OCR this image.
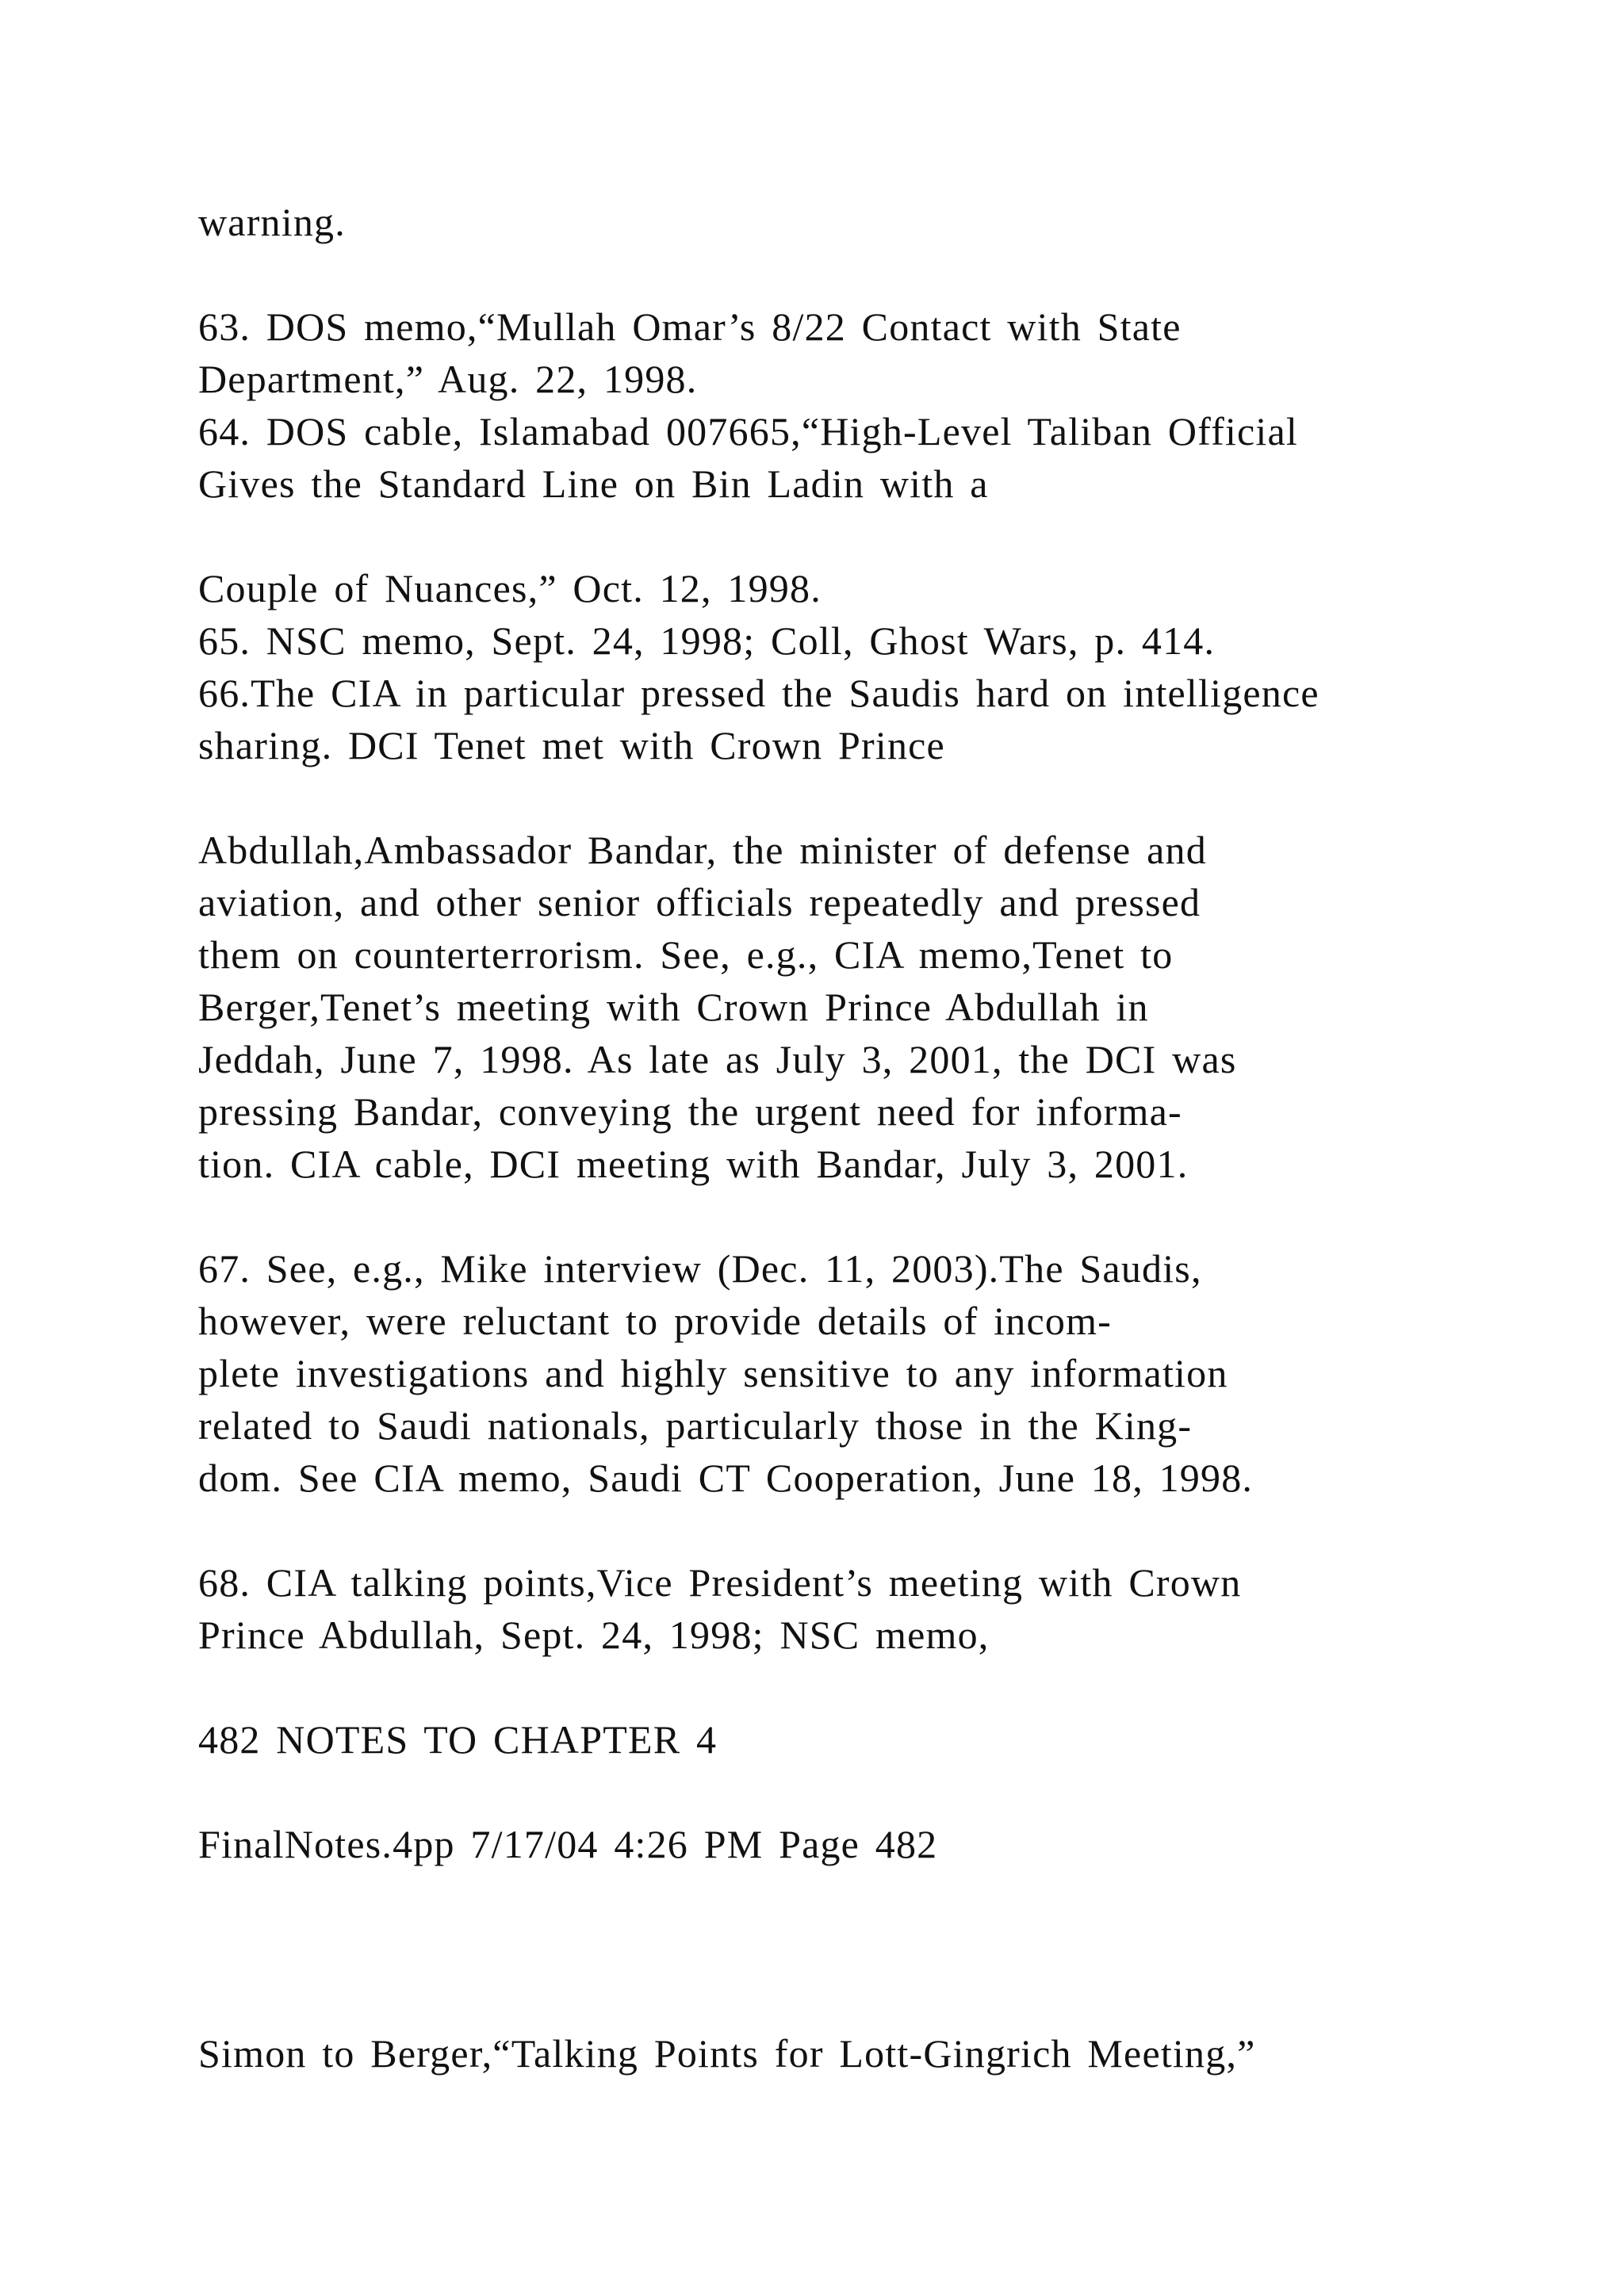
warning.
63. DOS memo,“Mullah Omar’s 8/22 Contact with State
Department,” Aug. 22, 1998.
64. DOS cable, Islamabad 007665,“High-Level Taliban Official
Gives the Standard Line on Bin Ladin with a
Couple of Nuances,” Oct. 12, 1998.
65. NSC memo, Sept. 24, 1998; Coll, Ghost Wars, p. 414.
66.The CIA in particular pressed the Saudis hard on intelligence
sharing. DCI Tenet met with Crown Prince
Abdullah,Ambassador Bandar, the minister of defense and
aviation, and other senior officials repeatedly and pressed
them on counterterrorism. See, e.g., CIA memo,Tenet to
Berger,Tenet’s meeting with Crown Prince Abdullah in
Jeddah, June 7, 1998. As late as July 3, 2001, the DCI was
pressing Bandar, conveying the urgent need for informa-
tion. CIA cable, DCI meeting with Bandar, July 3, 2001.
67. See, e.g., Mike interview (Dec. 11, 2003).The Saudis,
however, were reluctant to provide details of incom-
plete investigations and highly sensitive to any information
related to Saudi nationals, particularly those in the King-
dom. See CIA memo, Saudi CT Cooperation, June 18, 1998.
68. CIA talking points,Vice President’s meeting with Crown
Prince Abdullah, Sept. 24, 1998; NSC memo,
482 NOTES TO CHAPTER 4
FinalNotes.4pp 7/17/04 4:26 PM Page 482
Simon to Berger,“Talking Points for Lott-Gingrich Meeting,”
